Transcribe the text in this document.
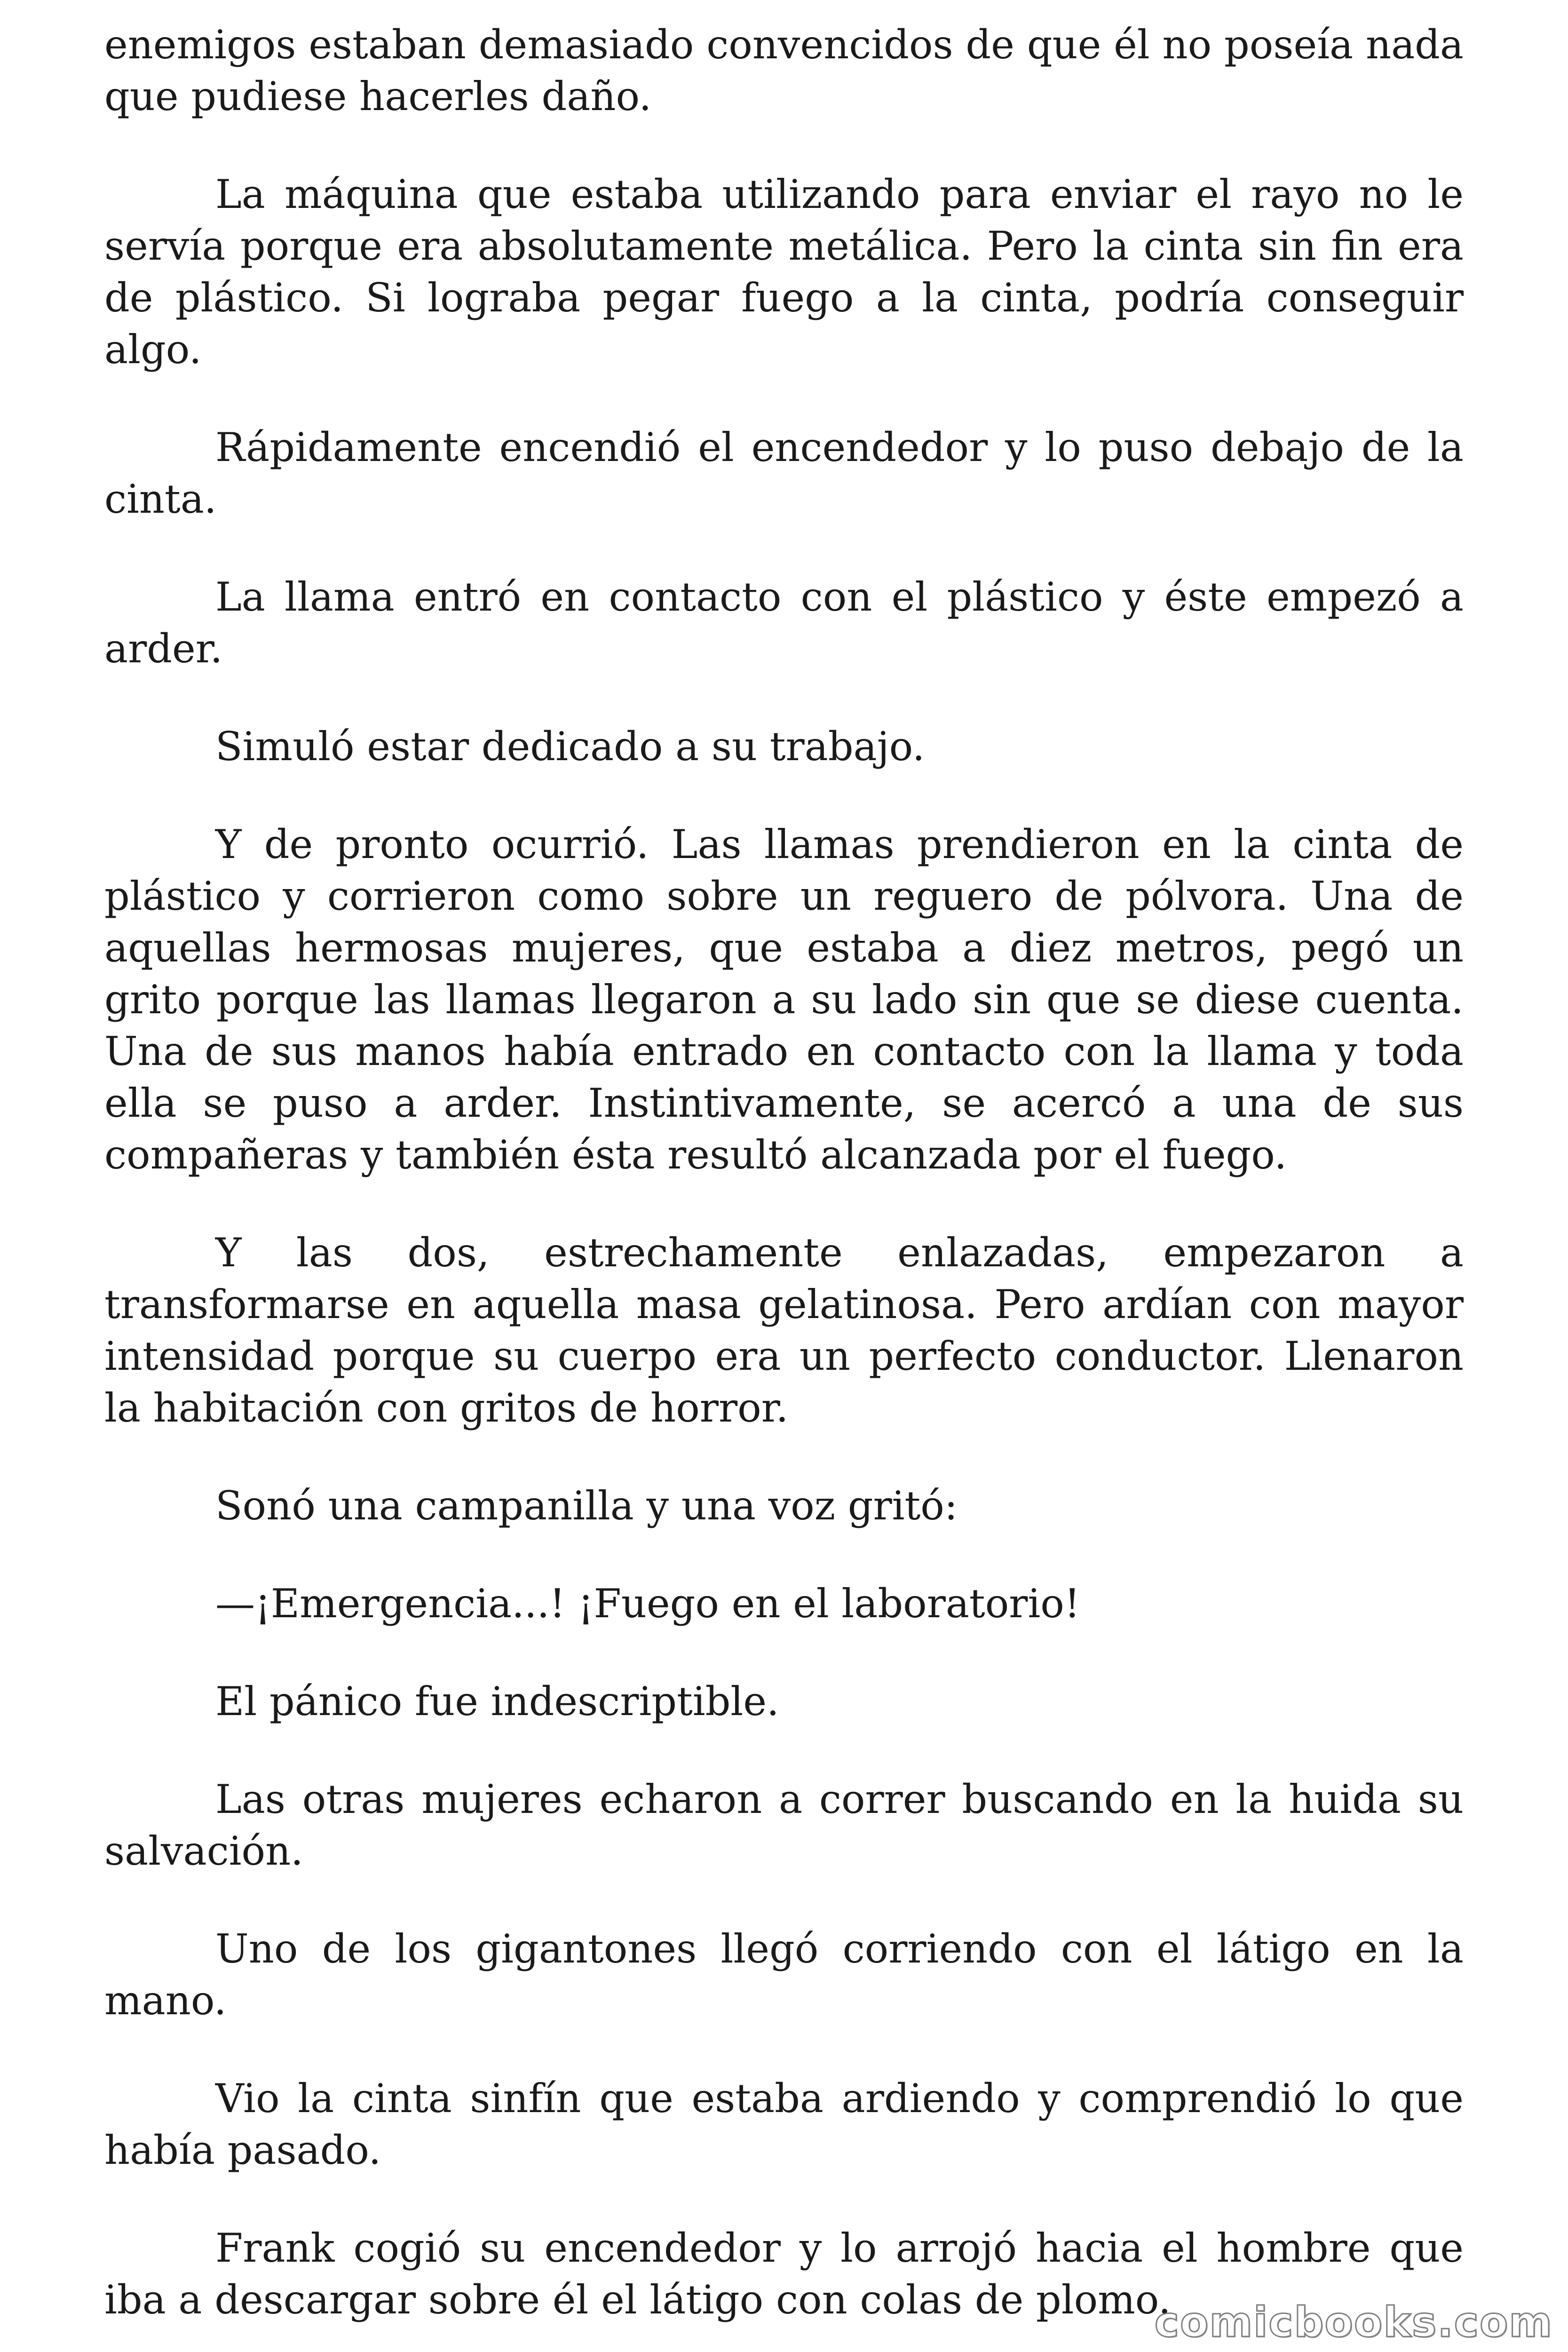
enemigos estaban demasiado convencidos de que él no poseía nada que pudiese hacerles daño.

La máquina que estaba utilizando para enviar el rayo no le servía porque era absolutamente metálica. Pero la cinta sin fin era de plástico. Si lograba pegar fuego a la cinta, podría conseguir algo.

Rápidamente encendió el encendedor y lo puso debajo de la cinta.

La llama entró en contacto con el plástico y éste empezó a arder.

Simuló estar dedicado a su trabajo.

Y de pronto ocurrió. Las llamas prendieron en la cinta de plástico y corrieron como sobre un reguero de pólvora. Una de aquellas hermosas mujeres, que estaba a diez metros, pegó un grito porque las llamas llegaron a su lado sin que se diese cuenta. Una de sus manos había entrado en contacto con la llama y toda ella se puso a arder. Instintivamente, se acercó a una de sus compañeras y también ésta resultó alcanzada por el fuego.

Y las dos, estrechamente enlazadas, empezaron a transformarse en aquella masa gelatinosa. Pero ardían con mayor intensidad porque su cuerpo era un perfecto conductor. Llenaron la habitación con gritos de horror.

Sonó una campanilla y una voz gritó:

—¡Emergencia...! ¡Fuego en el laboratorio!

El pánico fue indescriptible.

Las otras mujeres echaron a correr buscando en la huida su salvación.

Uno de los gigantones llegó corriendo con el látigo en la mano.

Vio la cinta sinfín que estaba ardiendo y comprendió lo que había pasado.

Frank cogió su encendedor y lo arrojó hacia el hombre que iba a descargar sobre él el látigo con colas de plomo.

comicbooks.com
